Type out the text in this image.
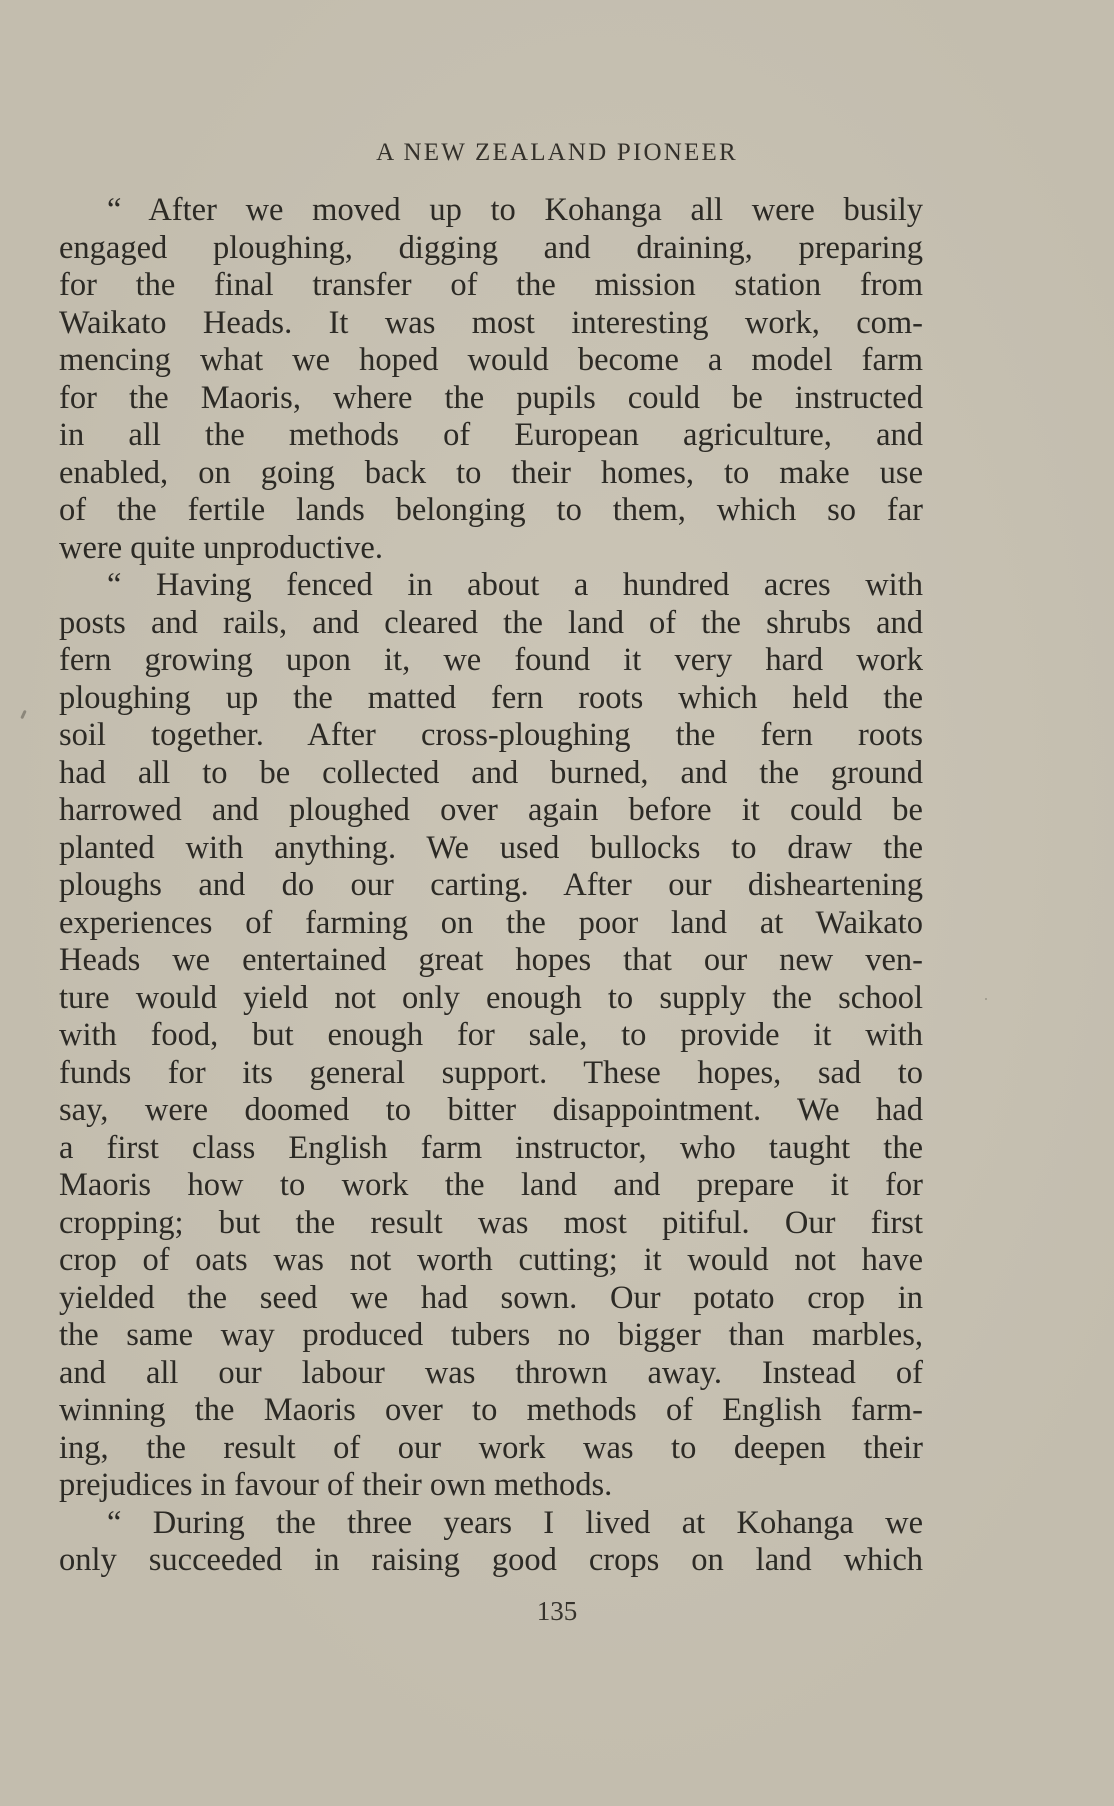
A NEW ZEALAND PIONEER
“ After we moved up to Kohanga all were busily
engaged ploughing, digging and draining, preparing
for the final transfer of the mission station from
Waikato Heads. It was most interesting work, com-
mencing what we hoped would become a model farm
for the Maoris, where the pupils could be instructed
in all the methods of European agriculture, and
enabled, on going back to their homes, to make use
of the fertile lands belonging to them, which so far
were quite unproductive.
“ Having fenced in about a hundred acres with
posts and rails, and cleared the land of the shrubs and
fern growing upon it, we found it very hard work
ploughing up the matted fern roots which held the
soil together. After cross-ploughing the fern roots
had all to be collected and burned, and the ground
harrowed and ploughed over again before it could be
planted with anything. We used bullocks to draw the
ploughs and do our carting. After our disheartening
experiences of farming on the poor land at Waikato
Heads we entertained great hopes that our new ven-
ture would yield not only enough to supply the school
with food, but enough for sale, to provide it with
funds for its general support. These hopes, sad to
say, were doomed to bitter disappointment. We had
a first class English farm instructor, who taught the
Maoris how to work the land and prepare it for
cropping; but the result was most pitiful. Our first
crop of oats was not worth cutting; it would not have
yielded the seed we had sown. Our potato crop in
the same way produced tubers no bigger than marbles,
and all our labour was thrown away. Instead of
winning the Maoris over to methods of English farm-
ing, the result of our work was to deepen their
prejudices in favour of their own methods.
“ During the three years I lived at Kohanga we
only succeeded in raising good crops on land which
135
